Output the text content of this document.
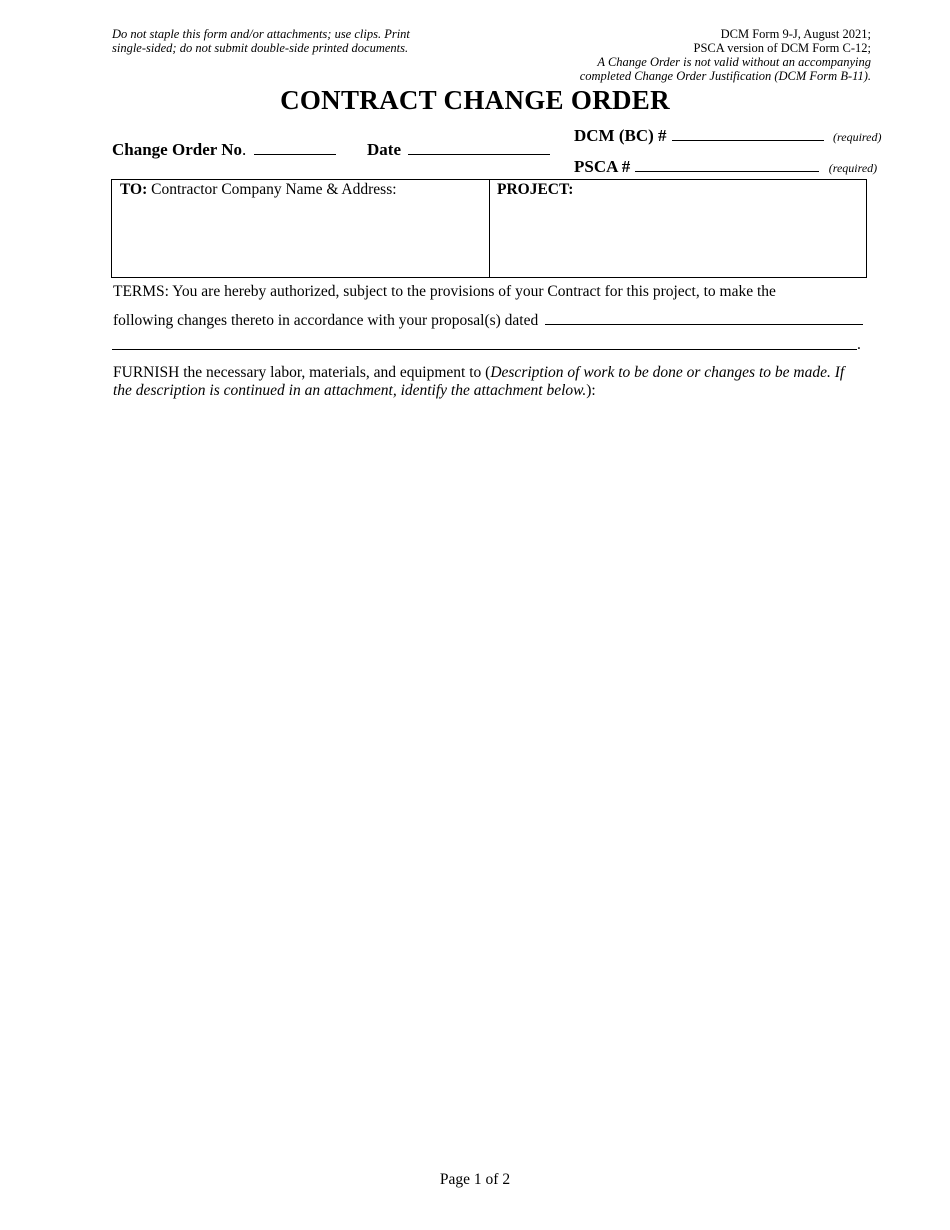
Do not staple this form and/or attachments; use clips. Print
single-sided; do not submit double-side printed documents.
DCM Form 9-J, August 2021;
PSCA version of DCM Form C-12;
A Change Order is not valid without an accompanying
completed Change Order Justification (DCM Form B-11).
CONTRACT CHANGE ORDER
Change Order No.	Date
DCM (BC) #	(required)
PSCA #	(required)
TO: Contractor Company Name & Address:	PROJECT:
TERMS: You are hereby authorized, subject to the provisions of your Contract for this project, to make the
following changes thereto in accordance with your proposal(s) dated
.
FURNISH the necessary labor, materials, and equipment to (Description of work to be done or changes to be made. If
the description is continued in an attachment, identify the attachment below.):
Page 1 of 2
